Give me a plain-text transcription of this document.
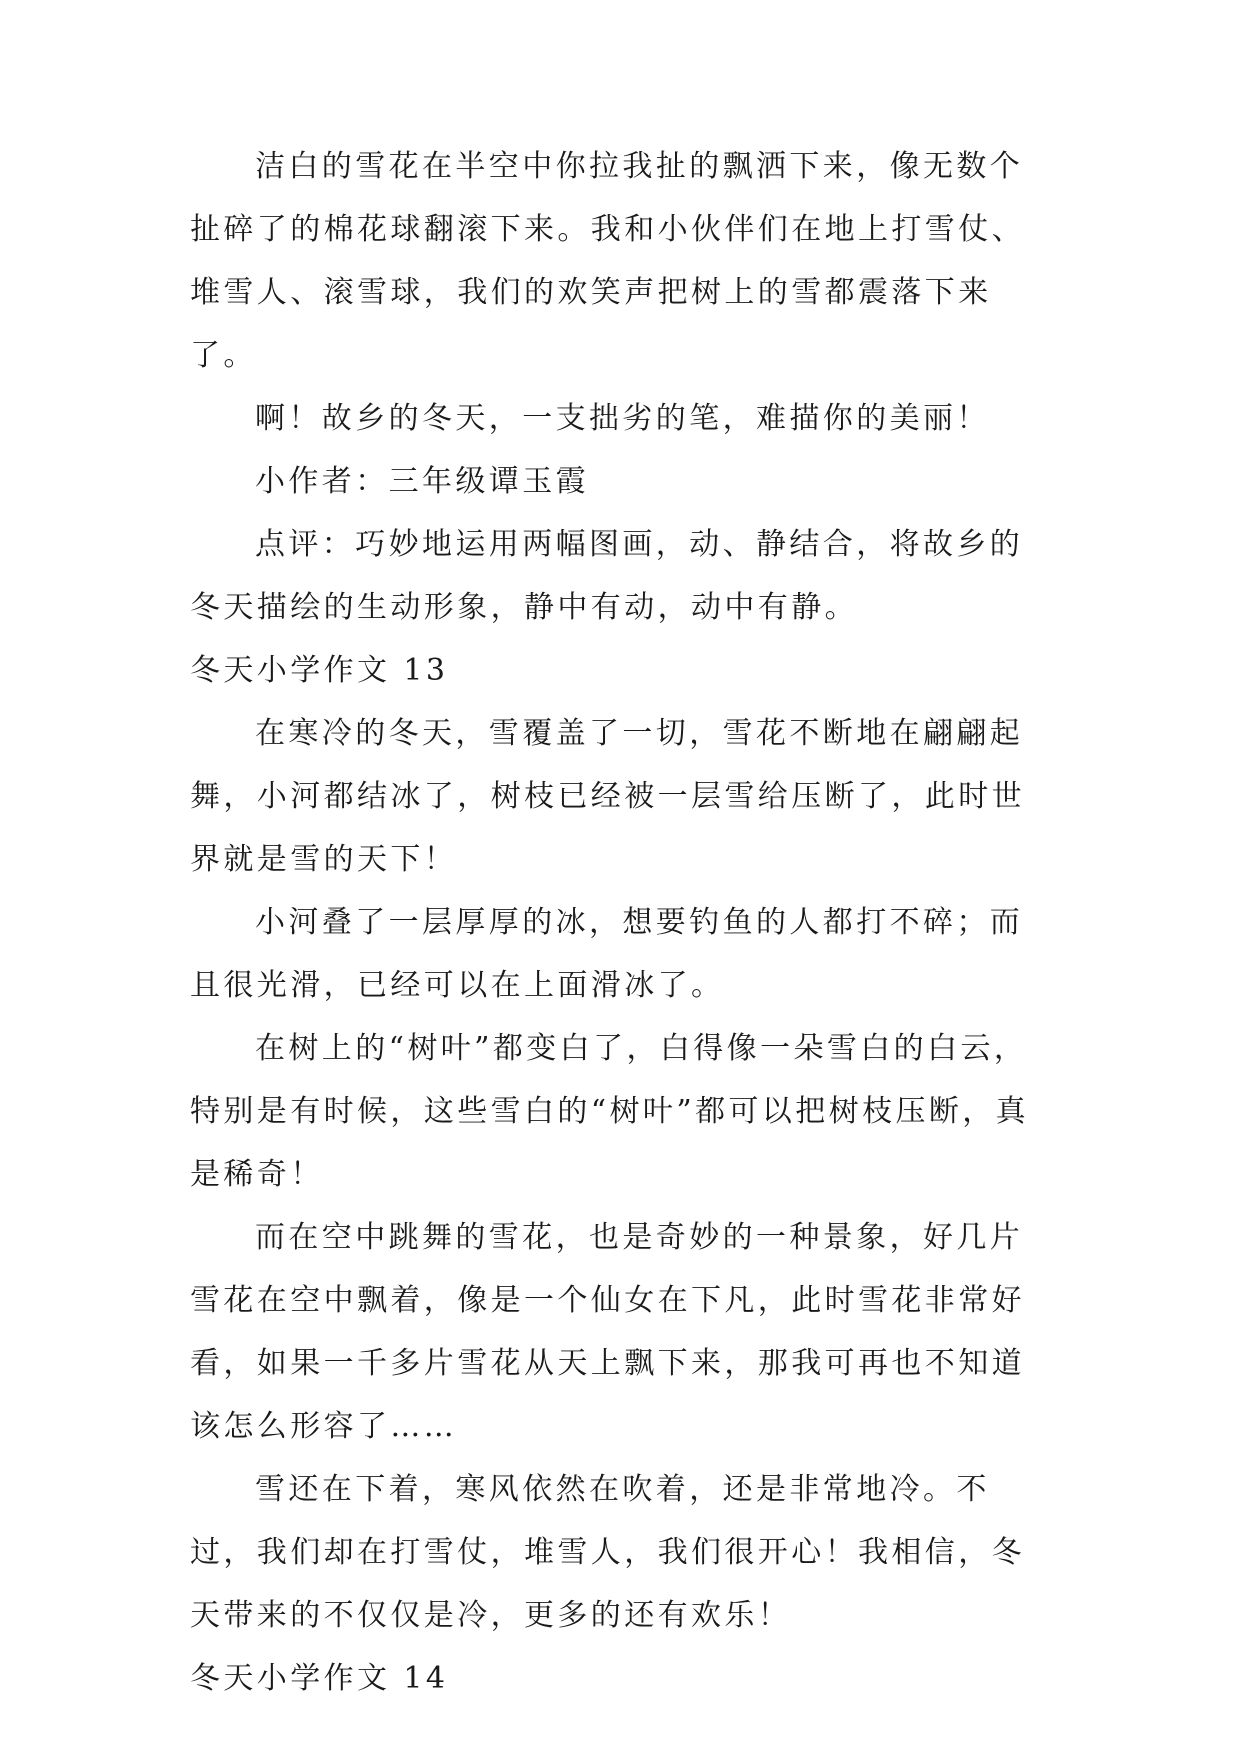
洁白的雪花在半空中你拉我扯的飘洒下来，像无数个扯碎了的棉花球翻滚下来。我和小伙伴们在地上打雪仗、堆雪人、滚雪球，我们的欢笑声把树上的雪都震落下来了。

啊！故乡的冬天，一支拙劣的笔，难描你的美丽！

小作者：三年级谭玉霞

点评：巧妙地运用两幅图画，动、静结合，将故乡的冬天描绘的生动形象，静中有动，动中有静。

冬天小学作文 13

在寒冷的冬天，雪覆盖了一切，雪花不断地在翩翩起舞，小河都结冰了，树枝已经被一层雪给压断了，此时世界就是雪的天下！

小河叠了一层厚厚的冰，想要钓鱼的人都打不碎；而且很光滑，已经可以在上面滑冰了。

在树上的“树叶”都变白了，白得像一朵雪白的白云，特别是有时候，这些雪白的“树叶”都可以把树枝压断，真是稀奇！

而在空中跳舞的雪花，也是奇妙的一种景象，好几片雪花在空中飘着，像是一个仙女在下凡，此时雪花非常好看，如果一千多片雪花从天上飘下来，那我可再也不知道该怎么形容了……

雪还在下着，寒风依然在吹着，还是非常地冷。不过，我们却在打雪仗，堆雪人，我们很开心！我相信，冬天带来的不仅仅是冷，更多的还有欢乐！

冬天小学作文 14
